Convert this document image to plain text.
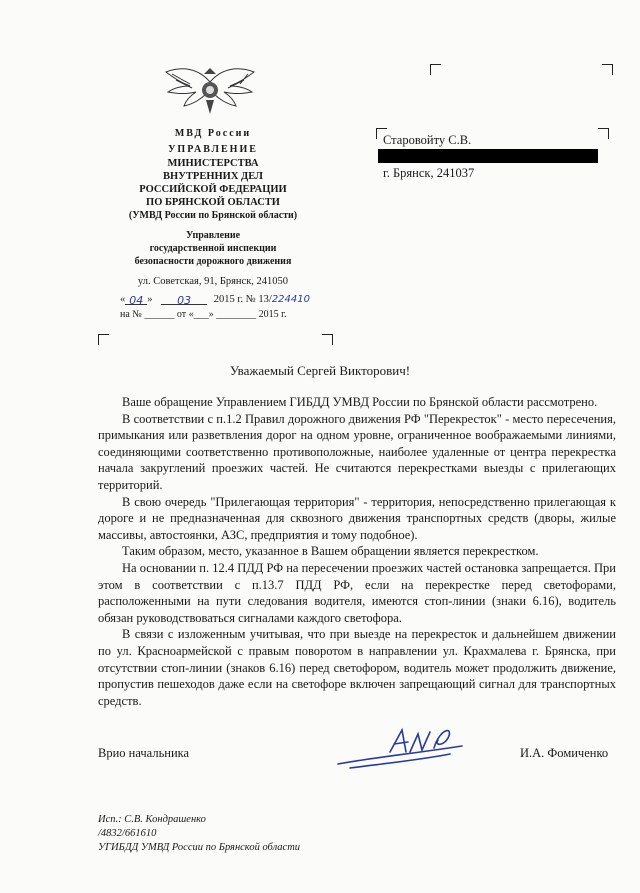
МВД России
УПРАВЛЕНИЕ
МИНИСТЕРСТВА
ВНУТРЕННИХ ДЕЛ
РОССИЙСКОЙ ФЕДЕРАЦИИ
ПО БРЯНСКОЙ ОБЛАСТИ
(УМВД России по Брянской области)
Управление
государственной инспекции
безопасности дорожного движения
ул. Советская, 91, Брянск, 241050
« 04 » 03 2015 г. № 13/224410
на № ______ от «___» ________ 2015 г.
Старовойту С.В.
г. Брянск, 241037
Уважаемый Сергей Викторович!

Ваше обращение Управлением ГИБДД УМВД России по Брянской области рассмотрено.

В соответствии с п.1.2 Правил дорожного движения РФ "Перекресток" - место пересечения, примыкания или разветвления дорог на одном уровне, ограниченное воображаемыми линиями, соединяющими соответственно противоположные, наиболее удаленные от центра перекрестка начала закруглений проезжих частей. Не считаются перекрестками выезды с прилегающих территорий.

В свою очередь "Прилегающая территория" - территория, непосредственно прилегающая к дороге и не предназначенная для сквозного движения транспортных средств (дворы, жилые массивы, автостоянки, АЗС, предприятия и тому подобное).

Таким образом, место, указанное в Вашем обращении является перекрестком.

На основании п. 12.4 ПДД РФ на пересечении проезжих частей остановка запрещается. При этом в соответствии с п.13.7 ПДД РФ, если на перекрестке перед светофорами, расположенными на пути следования водителя, имеются стоп-линии (знаки 6.16), водитель обязан руководствоваться сигналами каждого светофора.

В связи с изложенным учитывая, что при выезде на перекресток и дальнейшем движении по ул. Красноармейской с правым поворотом в направлении ул. Крахмалева г. Брянска, при отсутствии стоп-линии (знаков 6.16) перед светофором, водитель может продолжить движение, пропустив пешеходов даже если на светофоре включен запрещающий сигнал для транспортных средств.

Врио начальника	И.А. Фомиченко
Исп.: С.В. Кондрашенко
/4832/661610
УГИБДД УМВД России по Брянской области
